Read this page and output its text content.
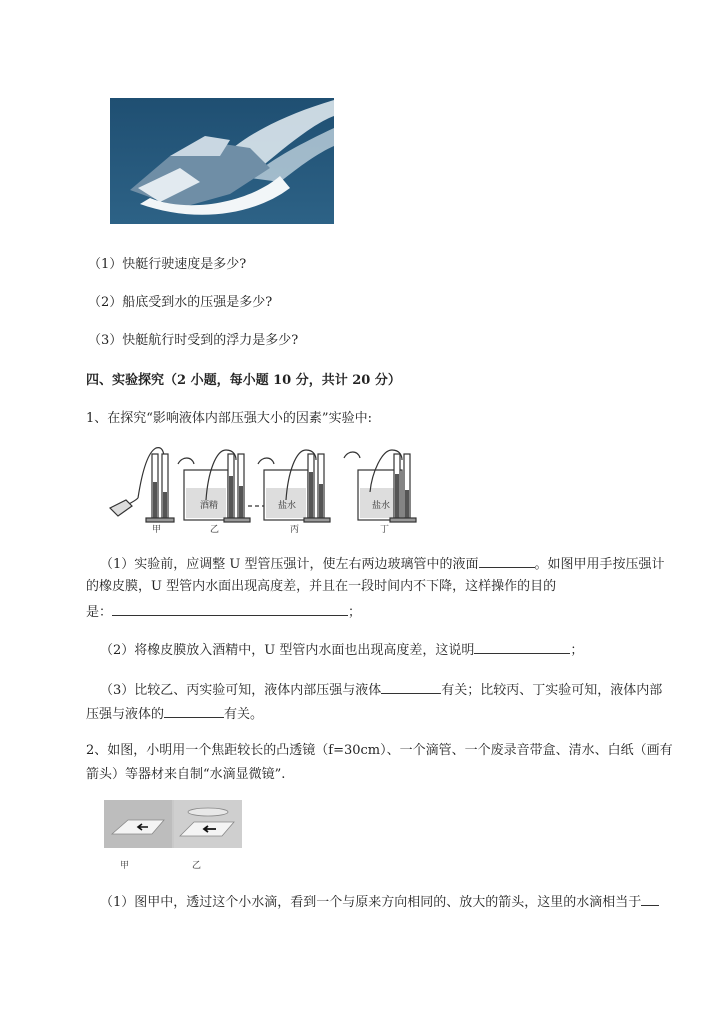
（1）快艇行驶速度是多少?
（2）船底受到水的压强是多少?
（3）快艇航行时受到的浮力是多少?
四、实验探究（2 小题，每小题 10 分，共计 20 分）
1、在探究“影响液体内部压强大小的因素”实验中:
酒精	盐水	盐水
甲	乙	丙	丁
（1）实验前，应调整 U 型管压强计，使左右两边玻璃管中的液面	。如图甲用手按压强计
的橡皮膜，U 型管内水面出现高度差，并且在一段时间内不下降，这样操作的目的
是：	；
（2）将橡皮膜放入酒精中，U 型管内水面也出现高度差，这说明	；
（3）比较乙、丙实验可知，液体内部压强与液体	有关；比较丙、丁实验可知，液体内部
压强与液体的	有关。
2、如图，小明用一个焦距较长的凸透镜（f=30cm）、一个滴管、一个废录音带盒、清水、白纸（画有
箭头）等器材来自制“水滴显微镜”.
甲	乙
（1）图甲中，透过这个小水滴，看到一个与原来方向相同的、放大的箭头，这里的水滴相当于
